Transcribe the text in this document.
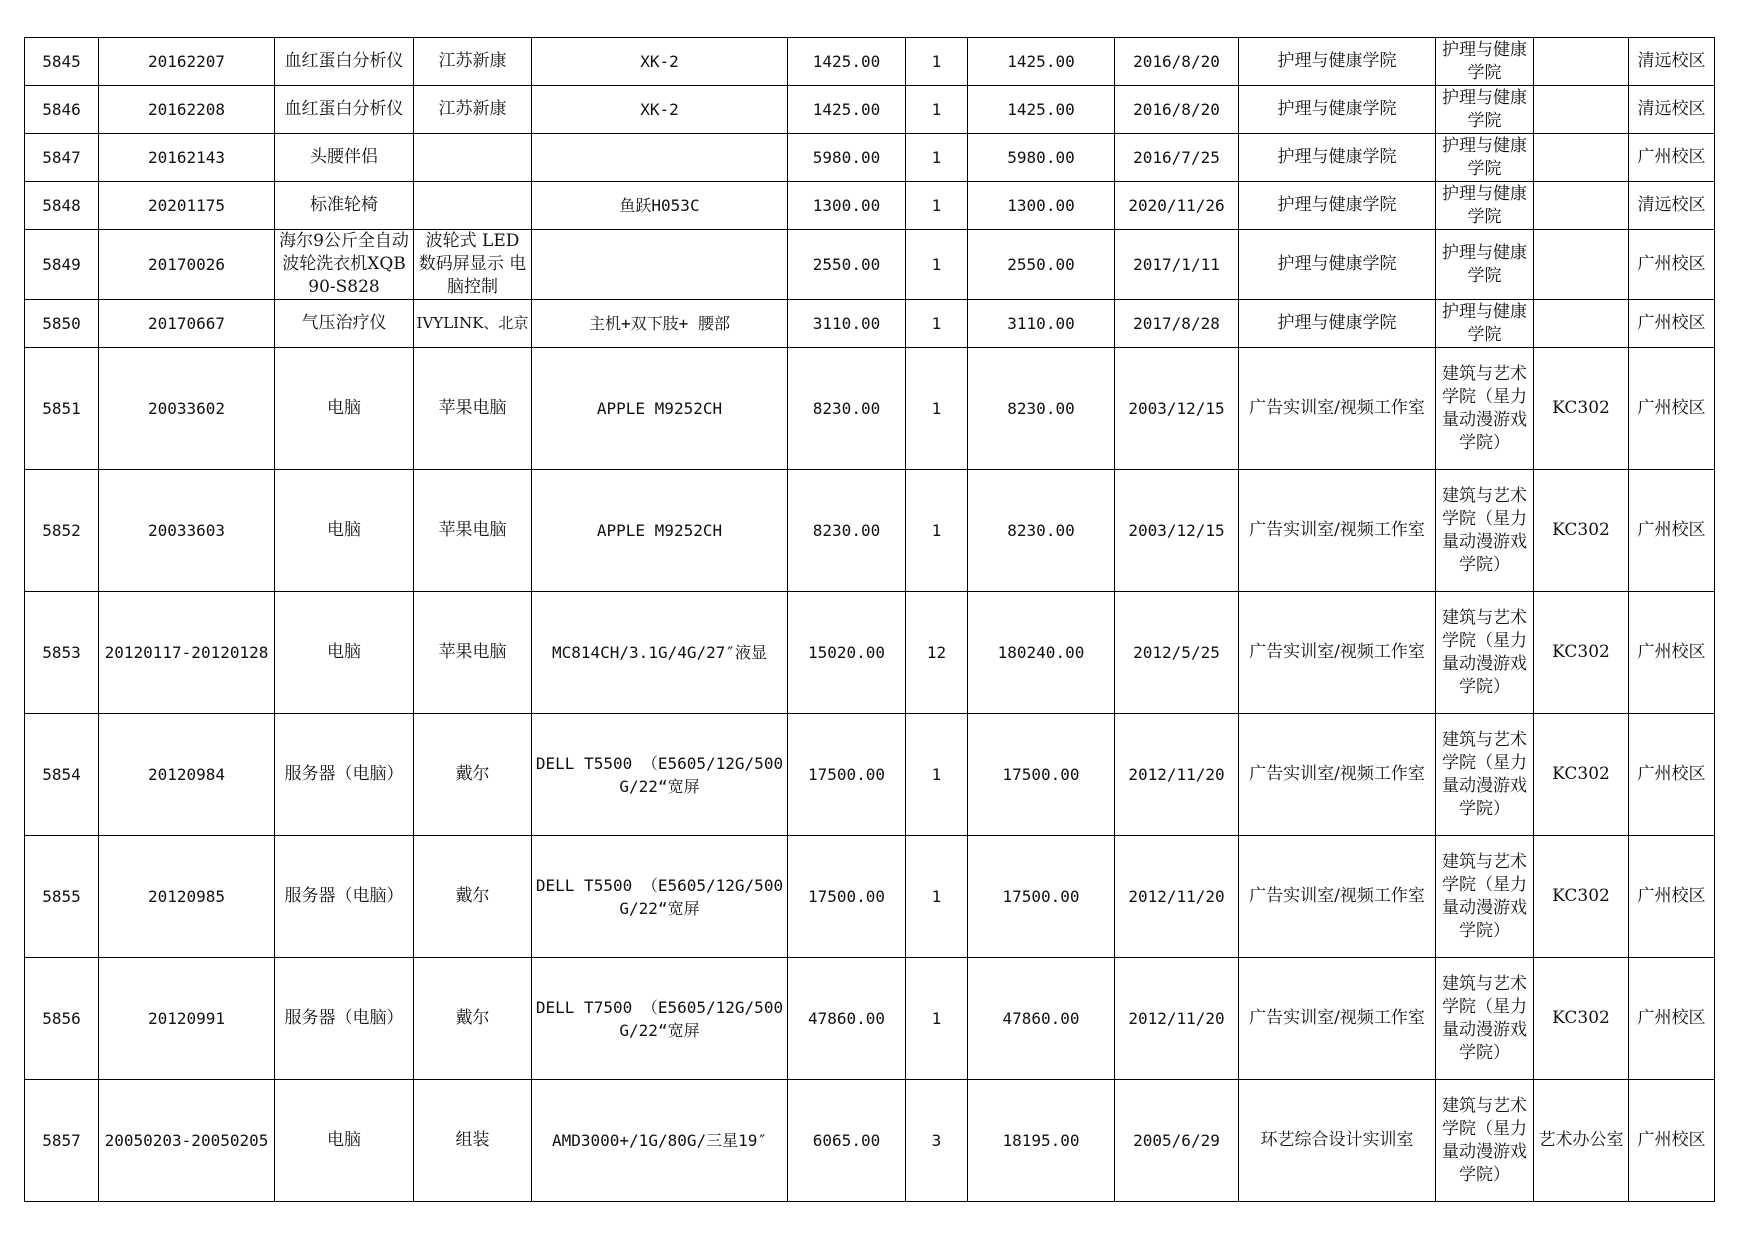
5845	20162207	血红蛋白分析仪	江苏新康	XK-2	1425.00	1	1425.00	2016/8/20	护理与健康学院	护理与健康学院		清远校区
5846	20162208	血红蛋白分析仪	江苏新康	XK-2	1425.00	1	1425.00	2016/8/20	护理与健康学院	护理与健康学院		清远校区
5847	20162143	头腰伴侣			5980.00	1	5980.00	2016/7/25	护理与健康学院	护理与健康学院		广州校区
5848	20201175	标准轮椅		鱼跃H053C	1300.00	1	1300.00	2020/11/26	护理与健康学院	护理与健康学院		清远校区
5849	20170026	海尔9公斤全自动波轮洗衣机XQB90-S828	波轮式 LED 数码屏显示 电脑控制		2550.00	1	2550.00	2017/1/11	护理与健康学院	护理与健康学院		广州校区
5850	20170667	气压治疗仪	IVYLINK、北京	主机+双下肢+ 腰部	3110.00	1	3110.00	2017/8/28	护理与健康学院	护理与健康学院		广州校区
5851	20033602	电脑	苹果电脑	APPLE M9252CH	8230.00	1	8230.00	2003/12/15	广告实训室/视频工作室	建筑与艺术学院（星力量动漫游戏学院）	KC302	广州校区
5852	20033603	电脑	苹果电脑	APPLE M9252CH	8230.00	1	8230.00	2003/12/15	广告实训室/视频工作室	建筑与艺术学院（星力量动漫游戏学院）	KC302	广州校区
5853	20120117-20120128	电脑	苹果电脑	MC814CH/3.1G/4G/27″液显	15020.00	12	180240.00	2012/5/25	广告实训室/视频工作室	建筑与艺术学院（星力量动漫游戏学院）	KC302	广州校区
5854	20120984	服务器（电脑）	戴尔	DELL T5500 （E5605/12G/500G/22“宽屏	17500.00	1	17500.00	2012/11/20	广告实训室/视频工作室	建筑与艺术学院（星力量动漫游戏学院）	KC302	广州校区
5855	20120985	服务器（电脑）	戴尔	DELL T5500 （E5605/12G/500G/22“宽屏	17500.00	1	17500.00	2012/11/20	广告实训室/视频工作室	建筑与艺术学院（星力量动漫游戏学院）	KC302	广州校区
5856	20120991	服务器（电脑）	戴尔	DELL T7500 （E5605/12G/500G/22“宽屏	47860.00	1	47860.00	2012/11/20	广告实训室/视频工作室	建筑与艺术学院（星力量动漫游戏学院）	KC302	广州校区
5857	20050203-20050205	电脑	组装	AMD3000+/1G/80G/三星19″	6065.00	3	18195.00	2005/6/29	环艺综合设计实训室	建筑与艺术学院（星力量动漫游戏学院）	艺术办公室	广州校区
